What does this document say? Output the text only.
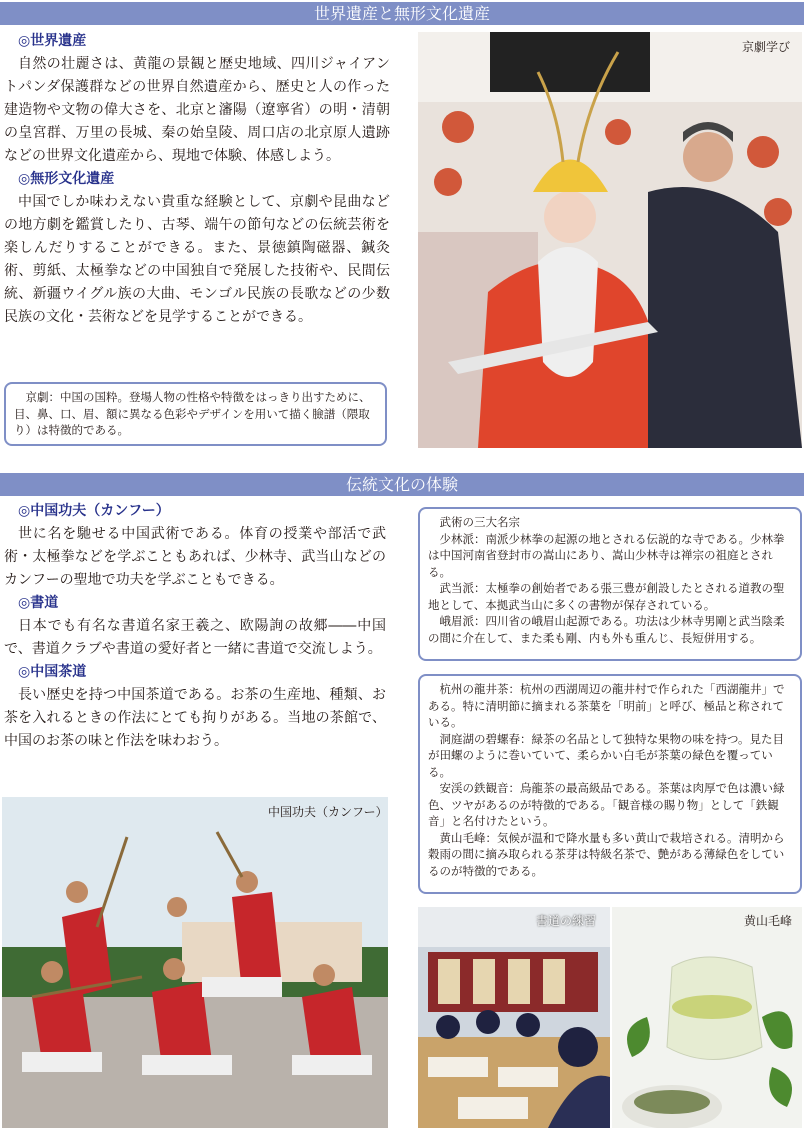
世界遺産と無形文化遺産
◎世界遺産

自然の壮麗さは、黄龍の景観と歴史地域、四川ジャイアントパンダ保護群などの世界自然遺産から、歴史と人の作った建造物や文物の偉大さを、北京と瀋陽（遼寧省）の明・清朝の皇宮群、万里の長城、秦の始皇陵、周口店の北京原人遺跡などの世界文化遺産から、現地で体験、体感しよう。

◎無形文化遺産

中国でしか味わえない貴重な経験として、京劇や昆曲などの地方劇を鑑賞したり、古琴、端午の節句などの伝統芸術を楽しんだりすることができる。また、景徳鎮陶磁器、鍼灸術、剪紙、太極拳などの中国独自で発展した技術や、民間伝統、新疆ウイグル族の大曲、モンゴル民族の長歌などの少数民族の文化・芸術などを見学することができる。

京劇：中国の国粋。登場人物の性格や特徴をはっきり出すために、目、鼻、口、眉、額に異なる色彩やデザインを用いて描く臉譜（隈取り）は特徴的である。

京劇学び
伝統文化の体験
◎中国功夫（カンフー）

世に名を馳せる中国武術である。体育の授業や部活で武術・太極拳などを学ぶこともあれば、少林寺、武当山などのカンフーの聖地で功夫を学ぶこともできる。

◎書道

日本でも有名な書道名家王羲之、欧陽詢の故郷――中国で、書道クラブや書道の愛好者と一緒に書道で交流しよう。

◎中国茶道

長い歴史を持つ中国茶道である。お茶の生産地、種類、お茶を入れるときの作法にとても拘りがある。当地の茶館で、中国のお茶の味と作法を味わおう。

武術の三大名宗

少林派：南派少林拳の起源の地とされる伝説的な寺である。少林拳は中国河南省登封市の嵩山にあり、嵩山少林寺は禅宗の祖庭とされる。

武当派：太極拳の創始者である張三豊が創設したとされる道教の聖地として、本拠武当山に多くの書物が保存されている。

峨眉派：四川省の峨眉山起源である。功法は少林寺男剛と武当陰柔の間に介在して、また柔も剛、内も外も重んじ、長短併用する。

杭州の龍井茶：杭州の西湖周辺の龍井村で作られた「西湖龍井」である。特に清明節に摘まれる茶葉を「明前」と呼び、極品と称されている。

洞庭湖の碧螺春：緑茶の名品として独特な果物の味を持つ。見た目が田螺のように巻いていて、柔らかい白毛が茶葉の緑色を覆っている。

安渓の鉄観音：烏龍茶の最高級品である。茶葉は肉厚で色は濃い緑色、ツヤがあるのが特徴的である。「観音様の賜り物」として「鉄観音」と名付けたという。

黄山毛峰：気候が温和で降水量も多い黄山で栽培される。清明から穀雨の間に摘み取られる茶芽は特級名茶で、艶がある薄緑色をしているのが特徴的である。

中国功夫（カンフー）
書道の練習	黄山毛峰
